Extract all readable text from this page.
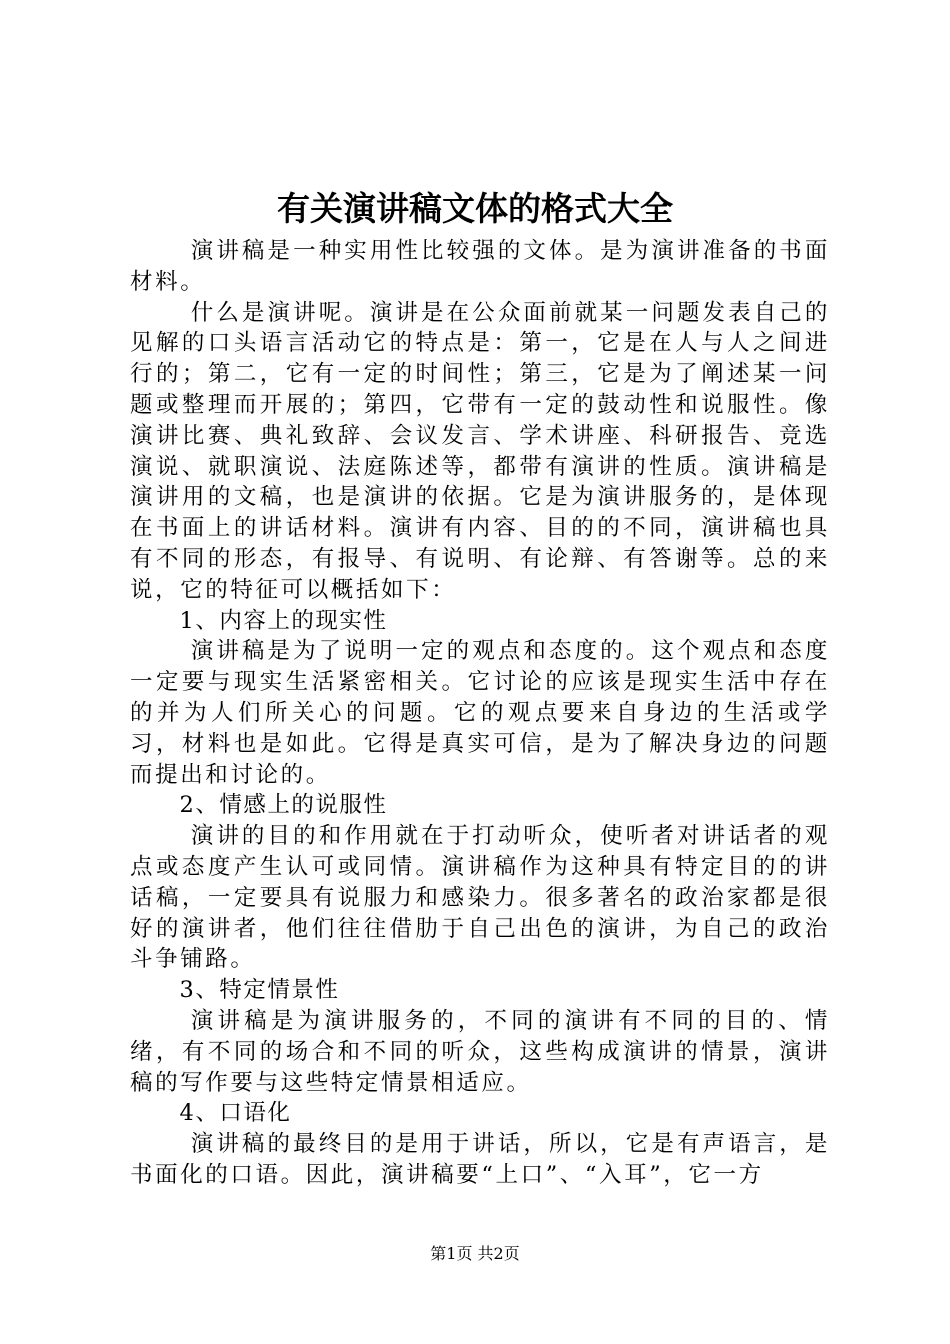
有关演讲稿文体的格式大全

演讲稿是一种实用性比较强的文体。是为演讲准备的书面材料。

什么是演讲呢。演讲是在公众面前就某一问题发表自己的见解的口头语言活动它的特点是：第一，它是在人与人之间进行的；第二，它有一定的时间性；第三，它是为了阐述某一问题或整理而开展的；第四，它带有一定的鼓动性和说服性。像演讲比赛、典礼致辞、会议发言、学术讲座、科研报告、竞选演说、就职演说、法庭陈述等，都带有演讲的性质。演讲稿是演讲用的文稿，也是演讲的依据。它是为演讲服务的，是体现在书面上的讲话材料。演讲有内容、目的的不同，演讲稿也具有不同的形态，有报导、有说明、有论辩、有答谢等。总的来说，它的特征可以概括如下：

1、内容上的现实性

演讲稿是为了说明一定的观点和态度的。这个观点和态度一定要与现实生活紧密相关。它讨论的应该是现实生活中存在的并为人们所关心的问题。它的观点要来自身边的生活或学习，材料也是如此。它得是真实可信，是为了解决身边的问题而提出和讨论的。

2、情感上的说服性

演讲的目的和作用就在于打动听众，使听者对讲话者的观点或态度产生认可或同情。演讲稿作为这种具有特定目的的讲话稿，一定要具有说服力和感染力。很多著名的政治家都是很好的演讲者，他们往往借肋于自己出色的演讲，为自己的政治斗争铺路。

3、特定情景性

演讲稿是为演讲服务的，不同的演讲有不同的目的、情绪，有不同的场合和不同的听众，这些构成演讲的情景，演讲稿的写作要与这些特定情景相适应。

4、口语化

演讲稿的最终目的是用于讲话，所以，它是有声语言，是书面化的口语。因此，演讲稿要“上口”、“入耳”，它一方

第1页 共2页
